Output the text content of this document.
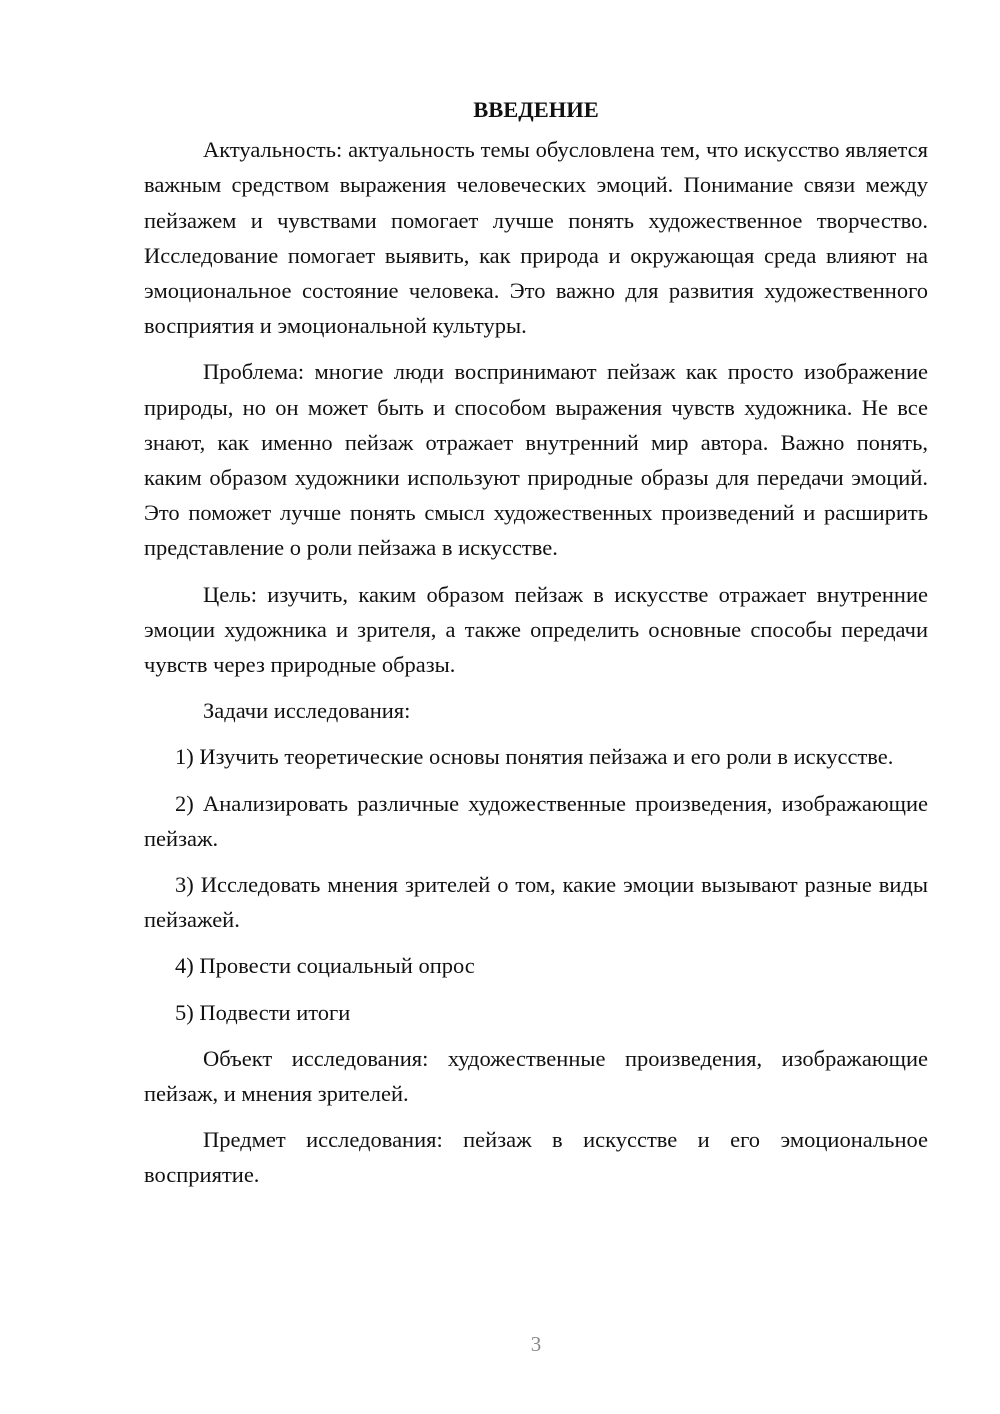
ВВЕДЕНИЕ

Актуальность: актуальность темы обусловлена тем, что искусство является важным средством выражения человеческих эмоций. Понимание связи между пейзажем и чувствами помогает лучше понять художественное творчество. Исследование помогает выявить, как природа и окружающая среда влияют на эмоциональное состояние человека. Это важно для развития художественного восприятия и эмоциональной культуры.

Проблема: многие люди воспринимают пейзаж как просто изображение природы, но он может быть и способом выражения чувств художника. Не все знают, как именно пейзаж отражает внутренний мир автора. Важно понять, каким образом художники используют природные образы для передачи эмоций. Это поможет лучше понять смысл художественных произведений и расширить представление о роли пейзажа в искусстве.

Цель: изучить, каким образом пейзаж в искусстве отражает внутренние эмоции художника и зрителя, а также определить основные способы передачи чувств через природные образы.

Задачи исследования:

1) Изучить теоретические основы понятия пейзажа и его роли в искусстве.

2) Анализировать различные художественные произведения, изображающие пейзаж.

3) Исследовать мнения зрителей о том, какие эмоции вызывают разные виды пейзажей.

4) Провести социальный опрос

5) Подвести итоги

Объект исследования: художественные произведения, изображающие пейзаж, и мнения зрителей.

Предмет исследования: пейзаж в искусстве и его эмоциональное восприятие.

3
